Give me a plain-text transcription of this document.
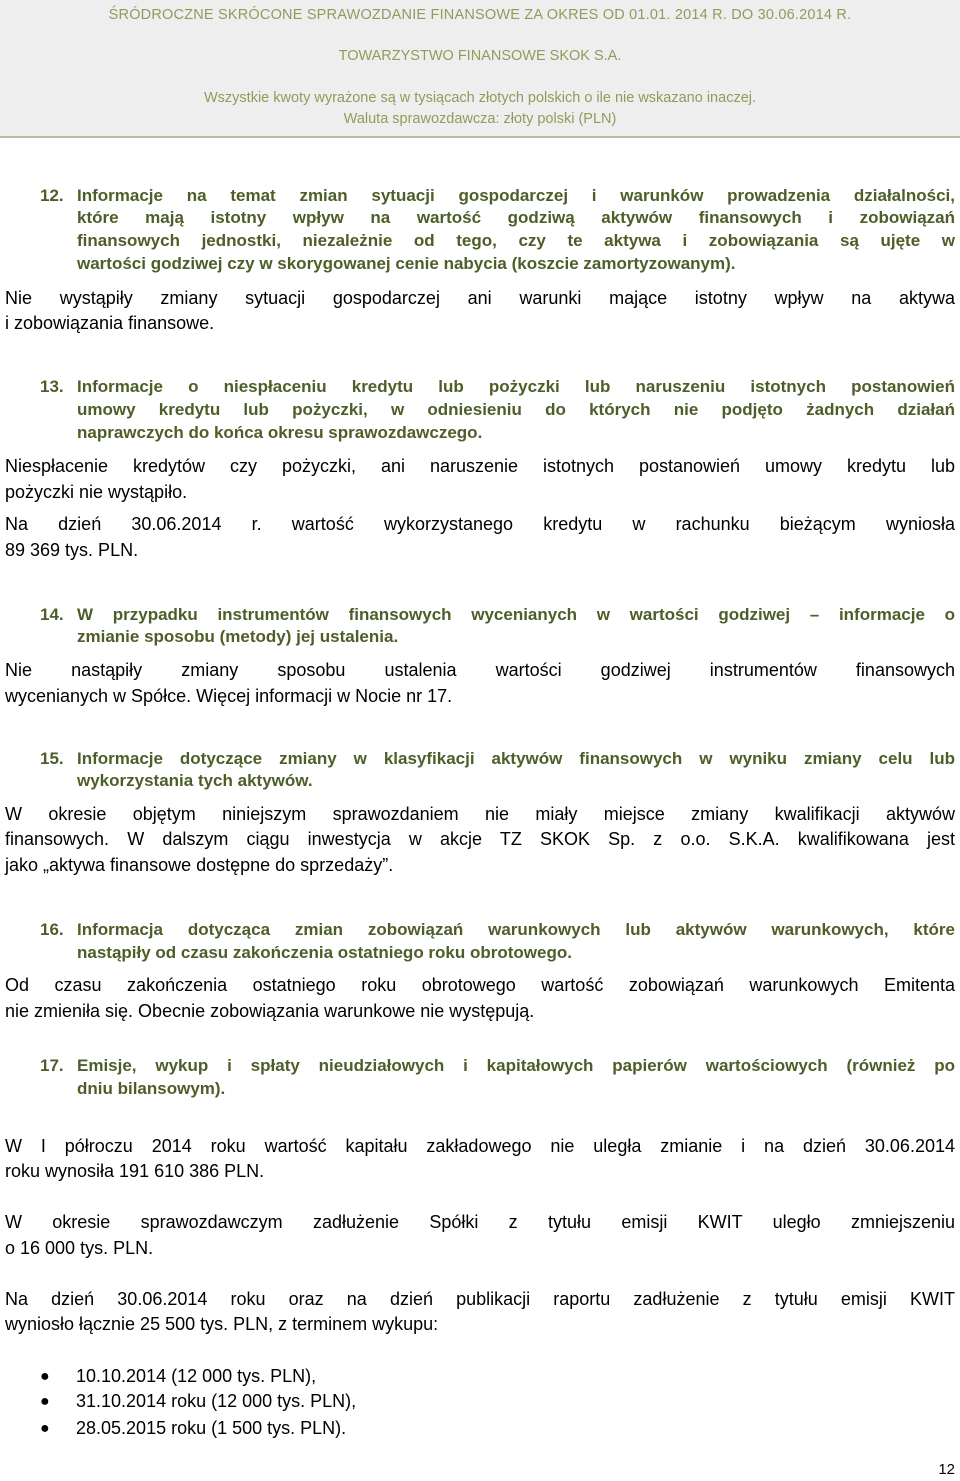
ŚRÓDROCZNE SKRÓCONE SPRAWOZDANIE FINANSOWE ZA OKRES OD 01.01. 2014 R. DO 30.06.2014 R.
TOWARZYSTWO FINANSOWE SKOK S.A.
Wszystkie kwoty wyrażone są w tysiącach złotych polskich o ile nie wskazano inaczej.
Waluta sprawozdawcza: złoty polski (PLN)
12. Informacje na temat zmian sytuacji gospodarczej i warunków prowadzenia działalności,
które mają istotny wpływ na wartość godziwą aktywów finansowych i zobowiązań
finansowych jednostki, niezależnie od tego, czy te aktywa i zobowiązania są ujęte w
wartości godziwej czy w skorygowanej cenie nabycia (koszcie zamortyzowanym).
Nie wystąpiły zmiany sytuacji gospodarczej ani warunki mające istotny wpływ na aktywa
i zobowiązania finansowe.
13. Informacje o niespłaceniu kredytu lub pożyczki lub naruszeniu istotnych postanowień
umowy kredytu lub pożyczki, w odniesieniu do których nie podjęto żadnych działań
naprawczych do końca okresu sprawozdawczego.
Niespłacenie kredytów czy pożyczki, ani naruszenie istotnych postanowień umowy kredytu lub
pożyczki nie wystąpiło.
Na dzień 30.06.2014 r. wartość wykorzystanego kredytu w rachunku bieżącym wyniosła
89 369 tys. PLN.
14. W przypadku instrumentów finansowych wycenianych w wartości godziwej – informacje o
zmianie sposobu (metody) jej ustalenia.
Nie nastąpiły zmiany sposobu ustalenia wartości godziwej instrumentów finansowych
wycenianych w Spółce. Więcej informacji w Nocie nr 17.
15. Informacje dotyczące zmiany w klasyfikacji aktywów finansowych w wyniku zmiany celu lub
wykorzystania tych aktywów.
W okresie objętym niniejszym sprawozdaniem nie miały miejsce zmiany kwalifikacji aktywów
finansowych. W dalszym ciągu inwestycja w akcje TZ SKOK Sp. z o.o. S.K.A. kwalifikowana jest
jako „aktywa finansowe dostępne do sprzedaży”.
16. Informacja dotycząca zmian zobowiązań warunkowych lub aktywów warunkowych, które
nastąpiły od czasu zakończenia ostatniego roku obrotowego.
Od czasu zakończenia ostatniego roku obrotowego wartość zobowiązań warunkowych Emitenta
nie zmieniła się. Obecnie zobowiązania warunkowe nie występują.
17. Emisje, wykup i spłaty nieudziałowych i kapitałowych papierów wartościowych (również po
dniu bilansowym).
W I półroczu 2014 roku wartość kapitału zakładowego nie uległa zmianie i na dzień 30.06.2014
roku wynosiła 191 610 386 PLN.
W okresie sprawozdawczym zadłużenie Spółki z tytułu emisji KWIT uległo zmniejszeniu
o 16 000 tys. PLN.
Na dzień 30.06.2014 roku oraz na dzień publikacji raportu zadłużenie z tytułu emisji KWIT
wyniosło łącznie 25 500 tys. PLN, z terminem wykupu:
● 10.10.2014 (12 000 tys. PLN),
● 31.10.2014 roku (12 000 tys. PLN),
● 28.05.2015 roku (1 500 tys. PLN).
12
